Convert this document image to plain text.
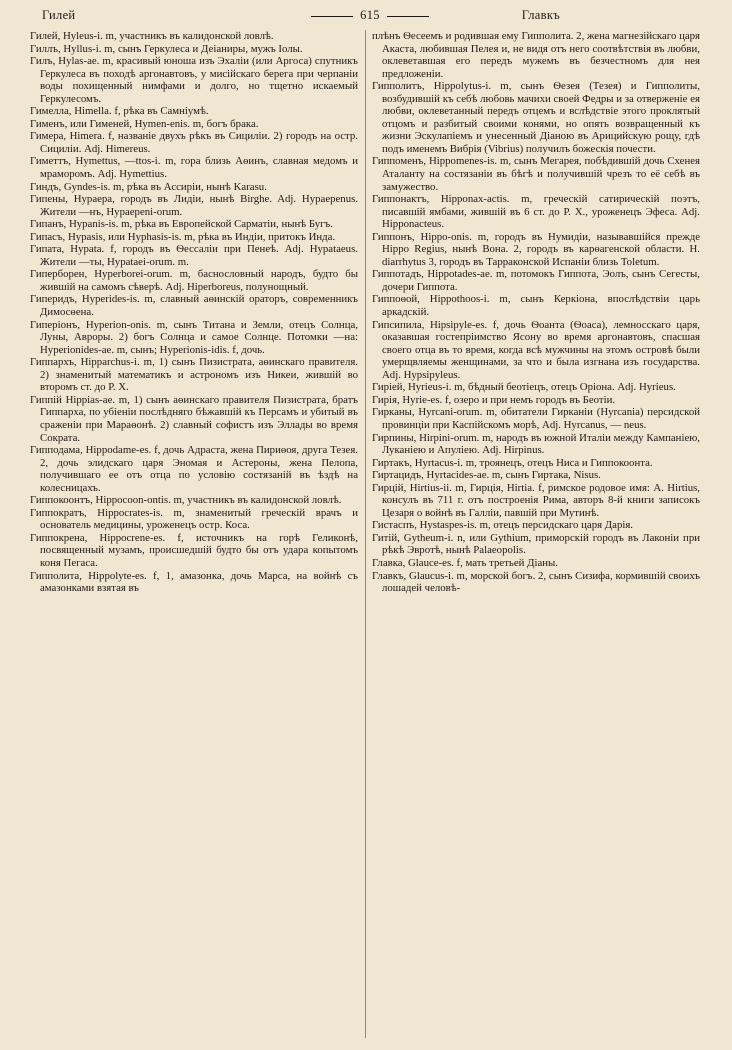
Гилей	615	Главкъ

Гилей, Hyleus-i. m, участникъ въ калидонской ловлѣ.

Гиллъ, Hyllus-i. m, сынъ Геркулеса и Деіаниры, мужъ Іолы.

Гилъ, Hylas-ae. m, красивый юноша изъ Эхаліи (или Аргоса) спутникъ Геркулеса въ походѣ аргонавтовъ, у мисійскаго берега при черпаніи воды похищенный нимфами и долго, но тщетно искаемый Геркулесомъ.

Гимелла, Himella. f, рѣка въ Самніумѣ.

Гименъ, или Гименей, Hymen-enis. m, богъ брака.

Гимера, Himera. f, названіе двухъ рѣкъ въ Сициліи. 2) городъ на остр. Сициліи. Adj. Himereus.

Гиметтъ, Hymettus, —ttos-i. m, гора близь Аѳинъ, славная медомъ и мраморомъ. Adj. Hymettius.

Гиндъ, Gyndes-is. m, рѣка въ Ассиріи, нынѣ Karasu.

Гипены, Hypaepa, городъ въ Лидіи, нынѣ Birghe. Adj. Hypaepenus. Жители —нъ, Hypaepeni-orum.

Гипанъ, Hypanis-is. m, рѣка въ Европейской Сарматіи, нынѣ Бугъ.

Гипасъ, Hypasis, или Hyphasis-is. m, рѣка въ Индіи, притокъ Инда.

Гипата, Hypata. f, городъ въ Ѳессаліи при Пенеѣ. Adj. Hypataeus. Жители —ты, Hypataei-orum. m.

Гиперборен, Hyperborei-orum. m, баснословный народъ, будто бы жившій на самомъ сѣверѣ. Adj. Hiperboreus, полунощный.

Гиперидъ, Hyperides-is. m, славный аѳинскій ораторъ, современникъ Димосѳена.

Гиперіонъ, Hyperion-onis. m, сынъ Титана и Земли, отецъ Солнца, Луны, Авроры. 2) богъ Солнца и самое Солнце. Потомки —на: Hyperionides-ae. m, сынъ; Hyperionis-idis. f, дочь.

Гиппархъ, Hipparchus-i. m, 1) сынъ Пизистрата, аѳинскаго правителя. 2) знаменитый математикъ и астрономъ изъ Никеи, жившій во второмъ ст. до Р. Х.

Гиппій Hippias-ae. m, 1) сынъ аѳинскаго правителя Пизистрата, братъ Гиппарха, по убіеніи послѣдняго бѣжавшій къ Персамъ и убитый въ сраженіи при Мараѳонѣ. 2) славный софистъ изъ Эллады во время Сократа.

Гипподама, Hippodame-es. f, дочь Адраста, жена Пириѳоя, друга Тезея. 2, дочь элидскаго царя Эномая и Астероны, жена Пелопа, получившаго ее отъ отца по условію состязаній въ ѣздѣ на колесницахъ.

Гиппокоонтъ, Hippocoon-ontis. m, участникъ въ калидонской ловлѣ.

Гиппократъ, Hippocrates-is. m, знаменитый греческій врачъ и основатель медицины, уроженецъ остр. Коса.

Гиппокрена, Hippocrene-es. f, источникъ на горѣ Геликонѣ, посвященный музамъ, происшедшій будто бы отъ удара копытомъ коня Пегаса.

Гипполита, Hippolyte-es. f, 1, амазонка, дочь Марса, на войнѣ съ амазонками взятая въ

плѣнъ Ѳесеемъ и родившая ему Гипполита. 2, жена магнезійскаго царя Акаста, любившая Пелея и, не видя отъ него соотвѣтствія въ любви, оклеветавшая его передъ мужемъ въ безчестномъ для нея предложеніи.

Гипполитъ, Hippolytus-i. m, сынъ Ѳезея (Тезея) и Гипполиты, возбудившій къ себѣ любовь мачихи своей Федры и за отверженіе ея любви, оклеветанный передъ отцемъ и вслѣдствіе этого проклятый отцомъ и разбитый своими конями, но опять возвращенный къ жизни Эскулапіемъ и унесенный Діаною въ Арицийскую рощу, гдѣ подъ именемъ Вибрія (Vibrius) получилъ божескія почести.

Гиппоменъ, Hippomenes-is. m, сынъ Мегарея, побѣдившій дочь Схенея Аталанту на состязаніи въ бѣгѣ и получившій чрезъ то её себѣ въ замужество.

Гиппонактъ, Hipponax-actis. m, греческій сатирическій поэтъ, писавшій ямбами, жившій въ 6 ст. до Р. Х., уроженецъ Эфеса. Adj. Hipponacteus.

Гиппонъ, Hippo-onis. m, городъ въ Нумидіи, называвшійся прежде Hippo Regius, нынѣ Вона. 2, городъ въ карѳагенской области. Н. diarrhytus 3, городъ въ Тарраконской Испаніи близь Toletum.

Гиппотадъ, Hippotades-ae. m, потомокъ Гиппота, Эолъ, сынъ Сегесты, дочери Гиппота.

Гиппоѳой, Hippothoos-i. m, сынъ Керкіона, впослѣдствіи царь аркадскій.

Гипсипила, Hipsipyle-es. f, дочь Ѳоанта (Ѳоаса), лемносскаго царя, оказавшая гостепріимство Ясону во время аргонавтовъ, спасшая своего отца въ то время, когда всѣ мужчины на этомъ островѣ были умерщвляемы женщинами, за что и была изгнана изъ государства. Adj. Hypsipyleus.

Гирiей, Hyrieus-i. m, бѣдный беотіецъ, отецъ Оріона. Adj. Hyrieus.

Гирія, Hyrie-es. f, озеро и при немъ городъ въ Беотіи.

Гирканы, Hyrcani-orum. m, обитатели Гирканіи (Hyrcania) персидской провинціи при Каспійскомъ морѣ, Adj. Hyrcanus, — neus.

Гирпины, Hirpini-orum. m, народъ въ южной Италіи между Кампаніею, Луканіею и Апуліею. Adj. Hirpinus.

Гиртакъ, Hyrtacus-i. m, троянецъ, отецъ Нисa и Гиппокоонта.

Гиртацидъ, Hyrtacides-ae. m, сынъ Гиртака, Nisus.

Гирцій, Hirtius-ii. m, Гирція, Hirtia. f, римское родовое имя: A. Hirtius, консулъ въ 711 г. отъ построенія Рима, авторъ 8-й книги записокъ Цезаря о войнѣ въ Галліи, павшій при Мутинѣ.

Гистаспъ, Hystaspes-is. m, отецъ персидскаго царя Дарія.

Гитій, Gytheum-i. n, или Gythium, приморскій городъ въ Лаконіи при рѣкѣ Эвротѣ, нынѣ Palaeopolis.

Главка, Glauce-es. f, мать третьей Діаны.

Главкъ, Glaucus-i. m, морской богъ. 2, сынъ Сизифа, кормившій своихъ лошадей человѣ-
